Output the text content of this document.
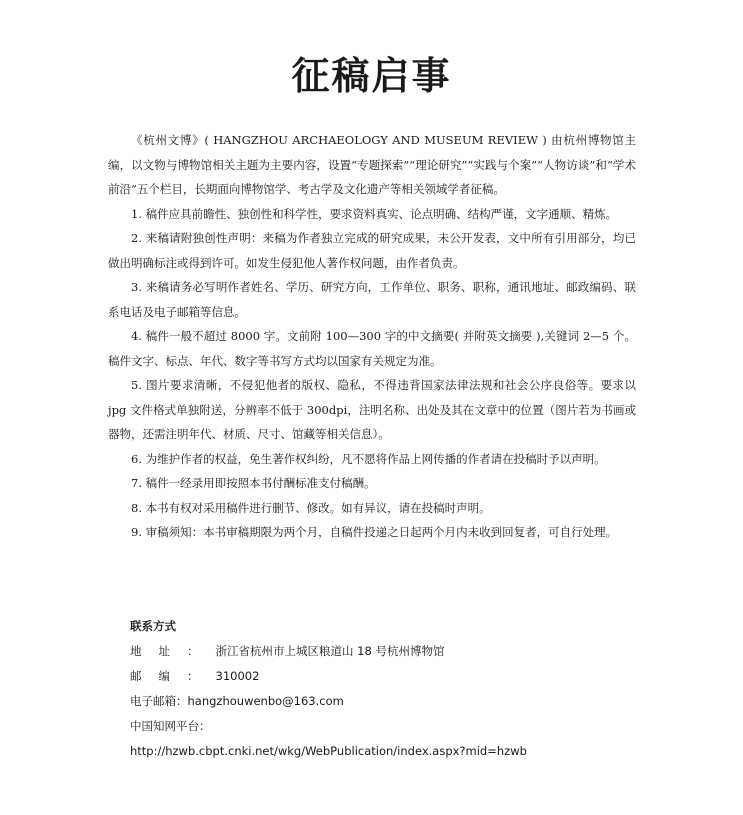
征稿启事

《杭州文博》( HANGZHOU ARCHAEOLOGY AND MUSEUM REVIEW ) 由杭州博物馆主编，以文物与博物馆相关主题为主要内容，设置“专题探索”“理论研究”“实践与个案”“人物访谈”和“学术前沿”五个栏目，长期面向博物馆学、考古学及文化遗产等相关领域学者征稿。

1. 稿件应具前瞻性、独创性和科学性，要求资料真实、论点明确、结构严谨，文字通顺、精炼。

2. 来稿请附独创性声明：来稿为作者独立完成的研究成果，未公开发表，文中所有引用部分，均已做出明确标注或得到许可。如发生侵犯他人著作权问题，由作者负责。

3. 来稿请务必写明作者姓名、学历、研究方向，工作单位、职务、职称，通讯地址、邮政编码、联系电话及电子邮箱等信息。

4. 稿件一般不超过 8000 字。文前附 100—300 字的中文摘要( 并附英文摘要 ),关键词 2—5 个。稿件文字、标点、年代、数字等书写方式均以国家有关规定为准。

5. 图片要求清晰，不侵犯他者的版权、隐私，不得违背国家法律法规和社会公序良俗等。要求以 jpg 文件格式单独附送，分辨率不低于 300dpi，注明名称、出处及其在文章中的位置（图片若为书画或器物，还需注明年代、材质、尺寸、馆藏等相关信息）。

6. 为维护作者的权益，免生著作权纠纷，凡不愿将作品上网传播的作者请在投稿时予以声明。

7. 稿件一经录用即按照本书付酬标准支付稿酬。

8. 本书有权对采用稿件进行删节、修改。如有异议，请在投稿时声明。

9. 审稿须知：本书审稿期限为两个月，自稿件投递之日起两个月内未收到回复者，可自行处理。

联系方式
地址：浙江省杭州市上城区粮道山 18 号杭州博物馆
邮编：310002
电子邮箱：hangzhouwenbo@163.com
中国知网平台：
http://hzwb.cbpt.cnki.net/wkg/WebPublication/index.aspx?mid=hzwb
